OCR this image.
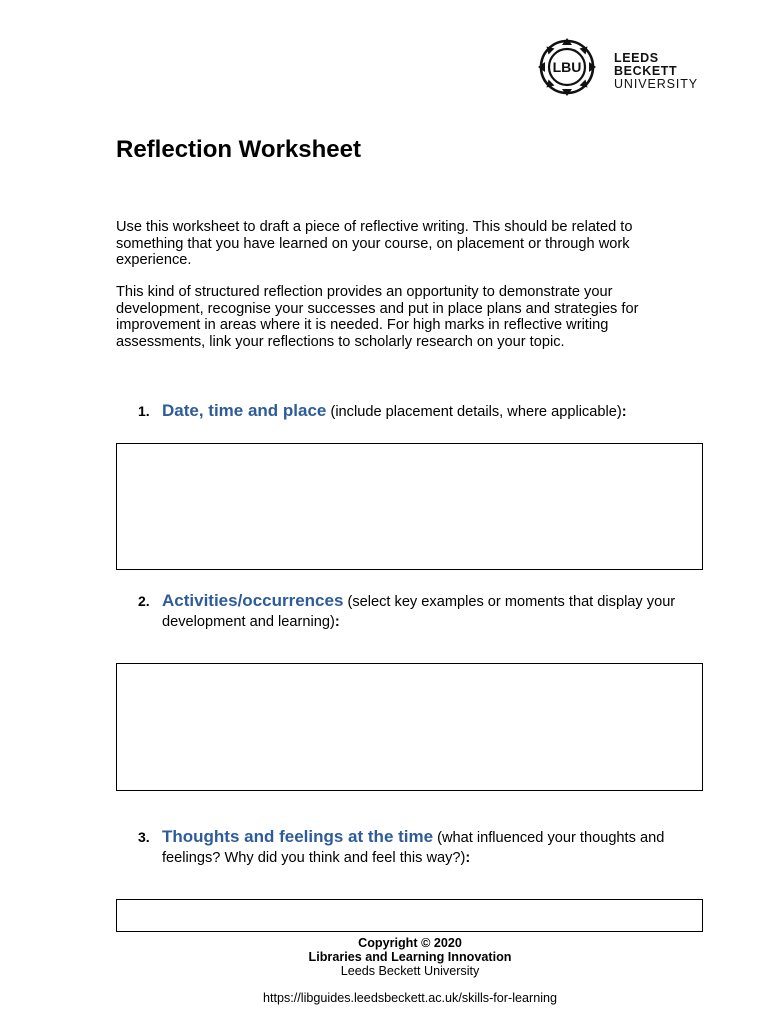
LBU
LEEDS
BECKETT
UNIVERSITY
Reflection Worksheet

Use this worksheet to draft a piece of reflective writing. This should be related to something that you have learned on your course, on placement or through work experience.

This kind of structured reflection provides an opportunity to demonstrate your development, recognise your successes and put in place plans and strategies for improvement in areas where it is needed. For high marks in reflective writing assessments, link your reflections to scholarly research on your topic.

1. Date, time and place (include placement details, where applicable):
2. Activities/occurrences (select key examples or moments that display your development and learning):
3. Thoughts and feelings at the time (what influenced your thoughts and feelings? Why did you think and feel this way?):
Copyright © 2020
Libraries and Learning Innovation
Leeds Beckett University
https://libguides.leedsbeckett.ac.uk/skills-for-learning
